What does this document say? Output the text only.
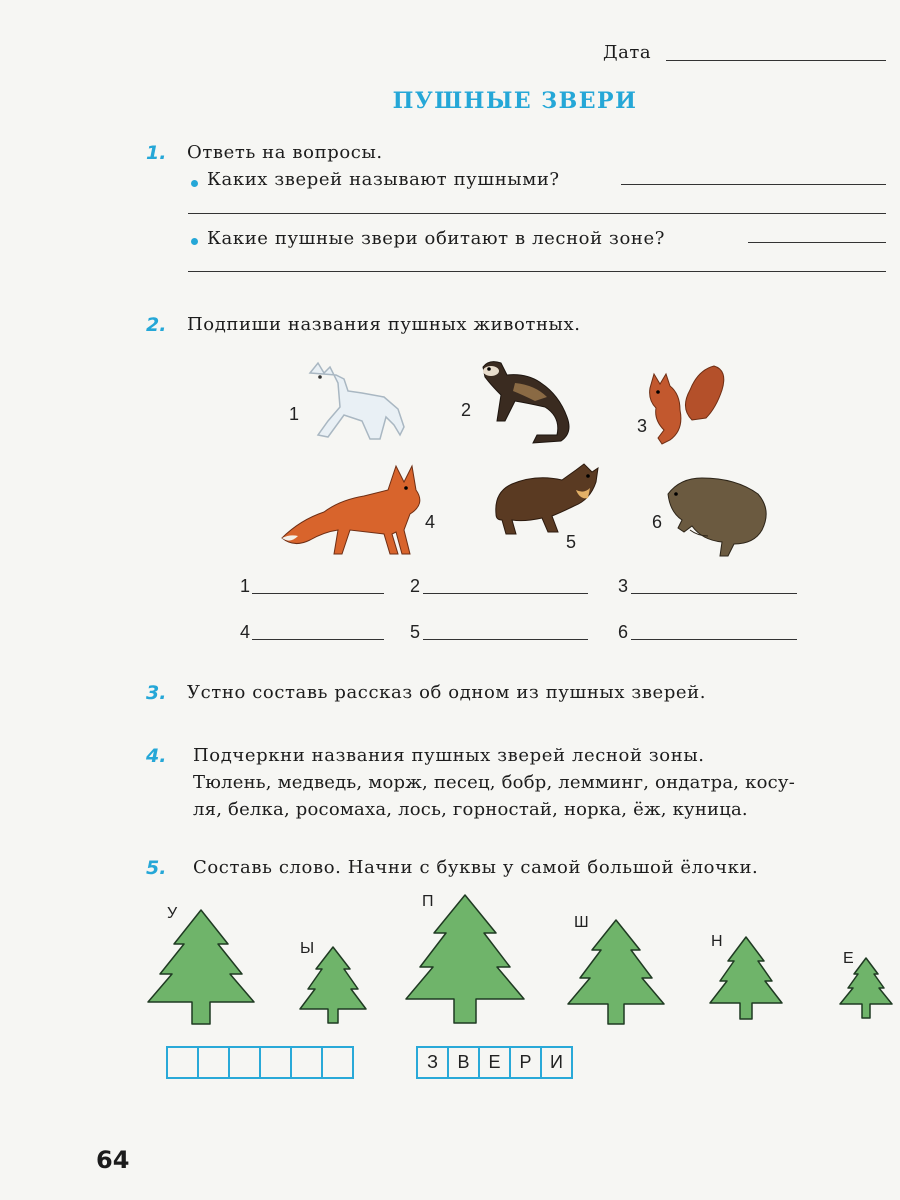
Дата
ПУШНЫЕ ЗВЕРИ
1. Ответь на вопросы.
Каких зверей называют пушными?
Какие пушные звери обитают в лесной зоне?
2. Подпиши названия пушных животных.
1	2
3
4
5
6
1	2	3
4	5	6
3. Устно составь рассказ об одном из пушных зверей.
4. Подчеркни названия пушных зверей лесной зоны.
Тюлень, медведь, морж, песец, бобр, лемминг, ондатра, косу-
ля, белка, росомаха, лось, горностай, норка, ёж, куница.
5. Составь слово. Начни с буквы у самой большой ёлочки.
У
Ы
П
Ш
Н
Е
З	В	Е	Р	И
64
